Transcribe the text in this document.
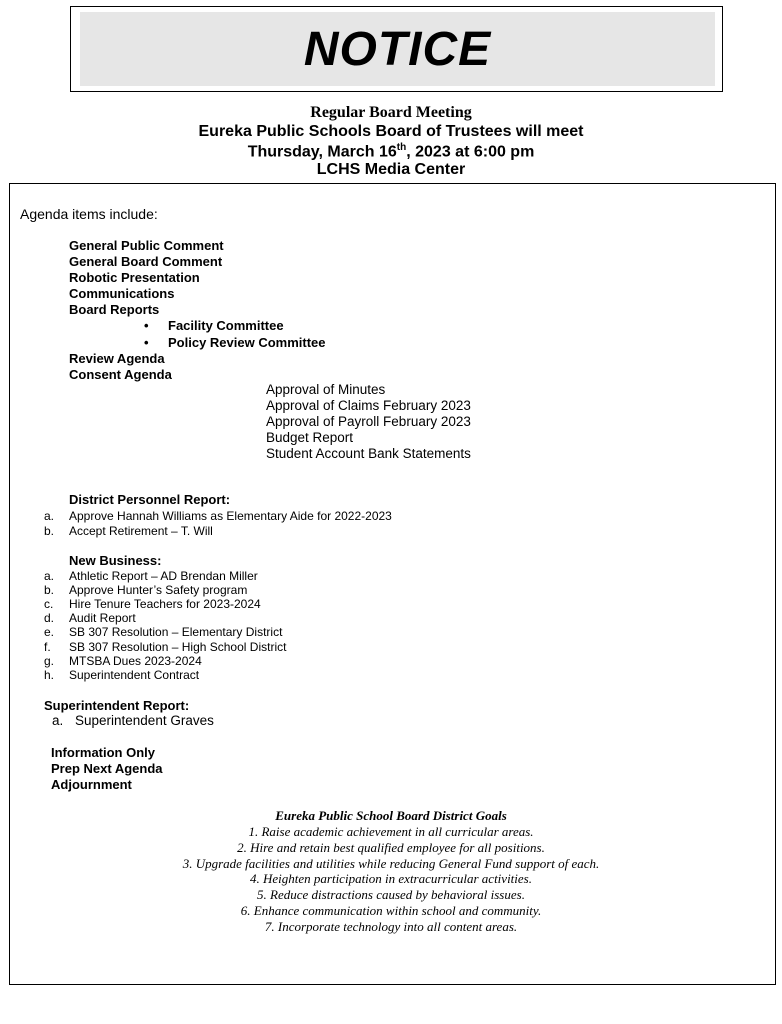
NOTICE
Regular Board Meeting
Eureka Public Schools Board of Trustees will meet
Thursday, March 16th, 2023 at 6:00 pm
LCHS Media Center
Agenda items include:
General Public Comment
General Board Comment
Robotic Presentation
Communications
Board Reports
• Facility Committee
• Policy Review Committee
Review Agenda
Consent Agenda
Approval of Minutes
Approval of Claims February 2023
Approval of Payroll February 2023
Budget Report
Student Account Bank Statements
District Personnel Report:
a. Approve Hannah Williams as Elementary Aide for 2022-2023
b. Accept Retirement – T. Will
New Business:
a. Athletic Report – AD Brendan Miller
b. Approve Hunter’s Safety program
c. Hire Tenure Teachers for 2023-2024
d. Audit Report
e. SB 307 Resolution – Elementary District
f. SB 307 Resolution – High School District
g. MTSBA Dues 2023-2024
h. Superintendent Contract
Superintendent Report:
a. Superintendent Graves
Information Only
Prep Next Agenda
Adjournment
Eureka Public School Board District Goals
1. Raise academic achievement in all curricular areas.
2. Hire and retain best qualified employee for all positions.
3. Upgrade facilities and utilities while reducing General Fund support of each.
4. Heighten participation in extracurricular activities.
5. Reduce distractions caused by behavioral issues.
6. Enhance communication within school and community.
7. Incorporate technology into all content areas.
